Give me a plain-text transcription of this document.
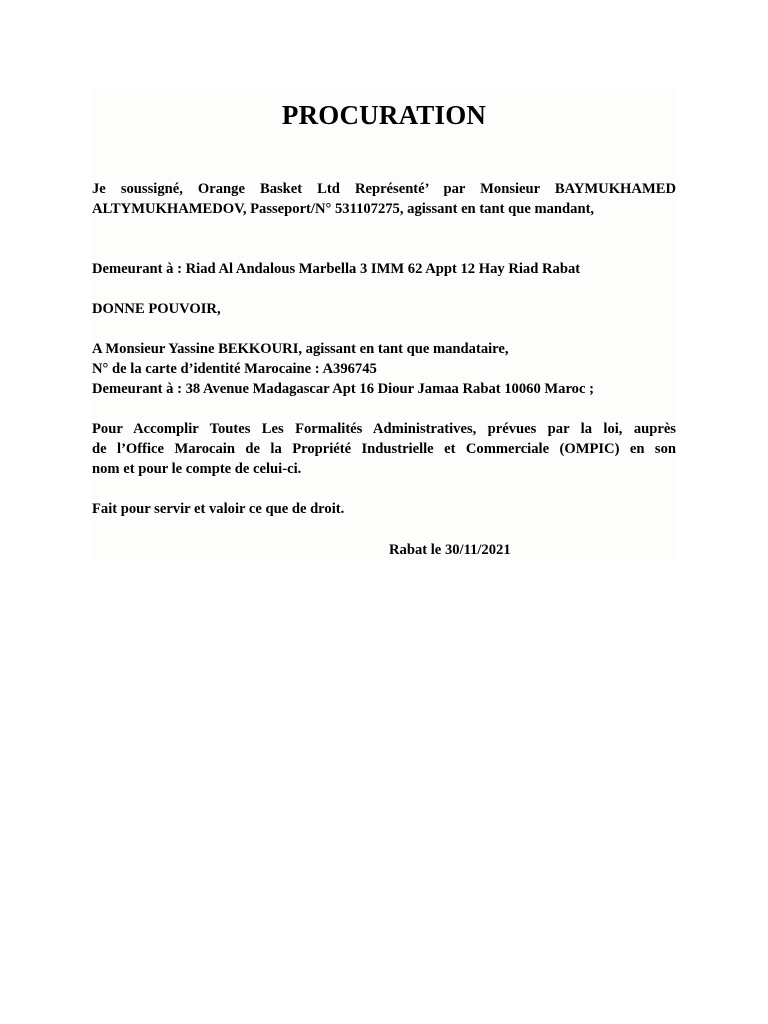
PROCURATION
Je soussigné, Orange Basket Ltd Représenté’ par Monsieur BAYMUKHAMED
ALTYMUKHAMEDOV, Passeport/N° 531107275, agissant en tant que mandant,
Demeurant à : Riad Al Andalous Marbella 3 IMM 62 Appt 12 Hay Riad Rabat
DONNE POUVOIR,
A Monsieur Yassine BEKKOURI, agissant en tant que mandataire,
N° de la carte d’identité Marocaine : A396745
Demeurant à : 38 Avenue Madagascar Apt 16 Diour Jamaa Rabat 10060 Maroc ;
Pour Accomplir Toutes Les Formalités Administratives, prévues par la loi, auprès
de l’Office Marocain de la Propriété Industrielle et Commerciale (OMPIC) en son
nom et pour le compte de celui-ci.
Fait pour servir et valoir ce que de droit.
Rabat le 30/11/2021
